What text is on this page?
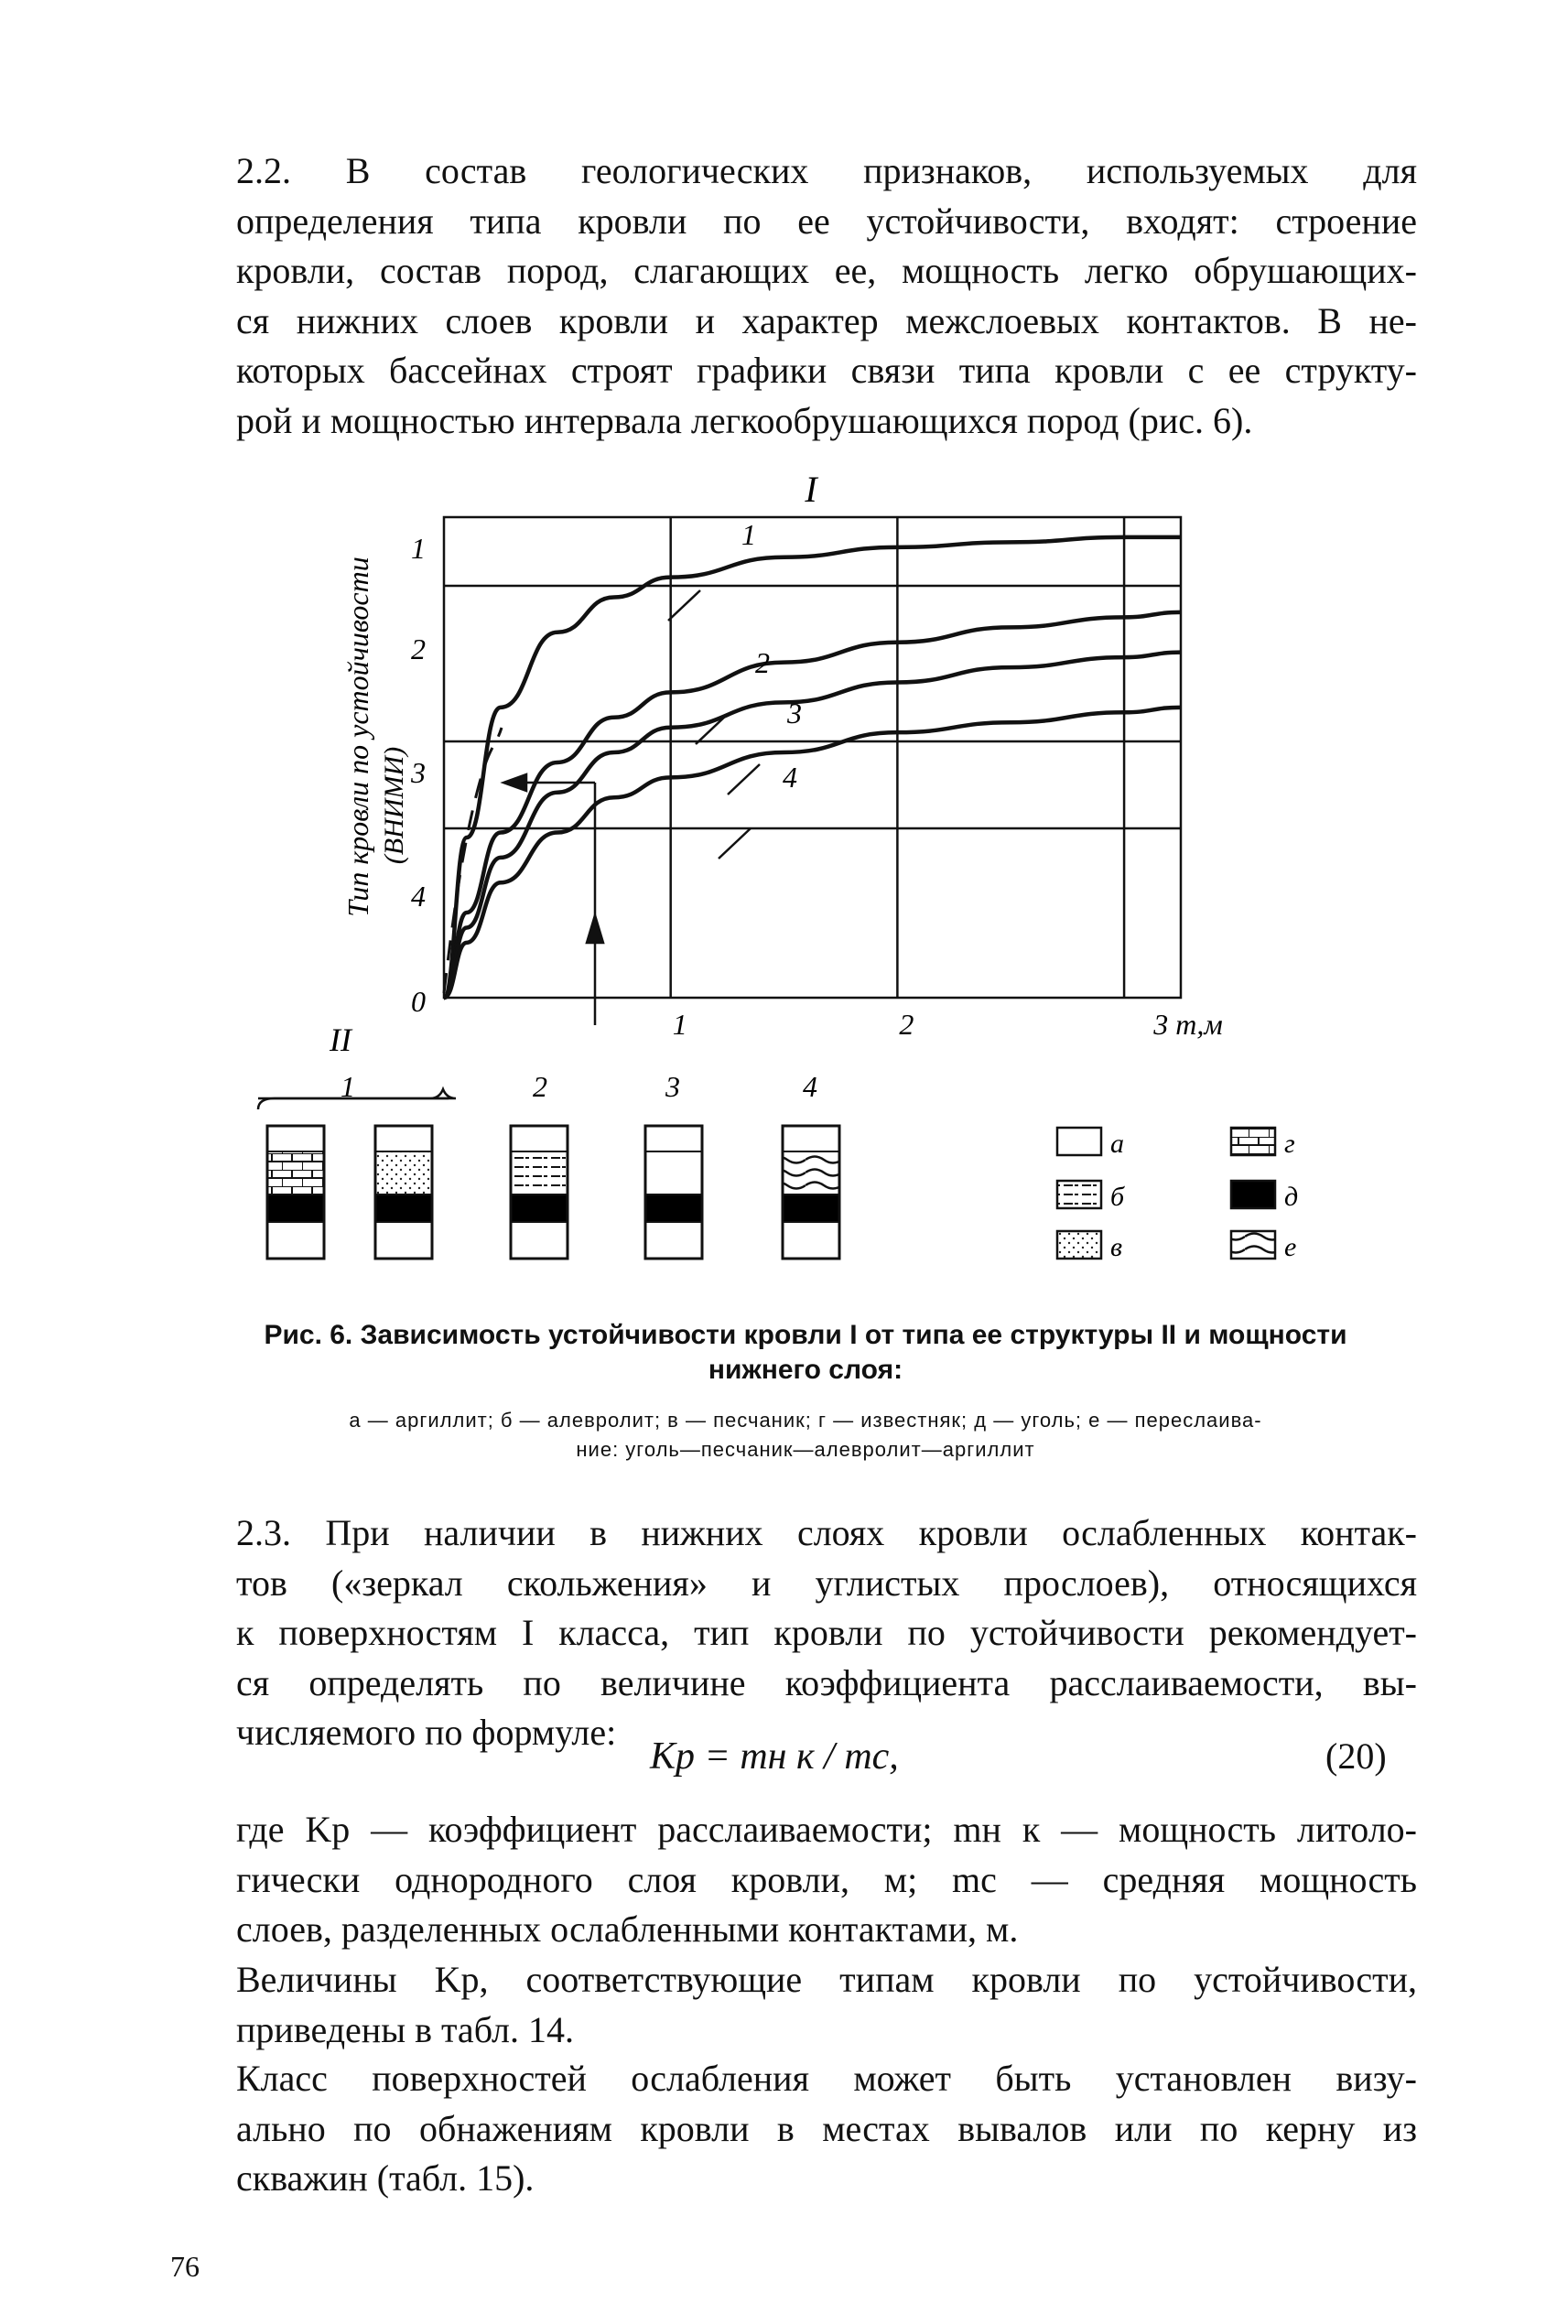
2.2. В состав геологических признаков, используемых для
определения типа кровли по ее устойчивости, входят: строение
кровли, состав пород, слагающих ее, мощность легко обрушающих-
ся нижних слоев кровли и характер межслоевых контактов. В не-
которых бассейнах строят графики связи типа кровли с ее структу-
рой и мощностью интервала легкообрушающихся пород (рис. 6).
I
Тип кровли по устойчивости (ВНИМИ)
1
2
3
4
0
1	2	3 m,м
1
2
3
4
II
1	2	3	4
а
б
в
г
д
е

Рис. 6. Зависимость устойчивости кровли I от типа ее структуры II и мощности
нижнего слоя:

а — аргиллит; б — алевролит; в — песчаник; г — известняк; д — уголь; е — переслаива-
ние: уголь—песчаник—алевролит—аргиллит

2.3. При наличии в нижних слоях кровли ослабленных контак-
тов («зеркал скольжения» и углистых прослоев), относящихся
к поверхностям I класса, тип кровли по устойчивости рекомендует-
ся определять по величине коэффициента расслаиваемости, вы-
числяемого по формуле:
Kр = mн к / mс,	(20)
где Kр — коэффициент расслаиваемости; mн к — мощность литоло-
гически однородного слоя кровли, м; mс — средняя мощность
слоев, разделенных ослабленными контактами, м.
Величины Kр, соответствующие типам кровли по устойчивости,
приведены в табл. 14.
Класс поверхностей ослабления может быть установлен визу-
ально по обнажениям кровли в местах вывалов или по керну из
скважин (табл. 15).
76
